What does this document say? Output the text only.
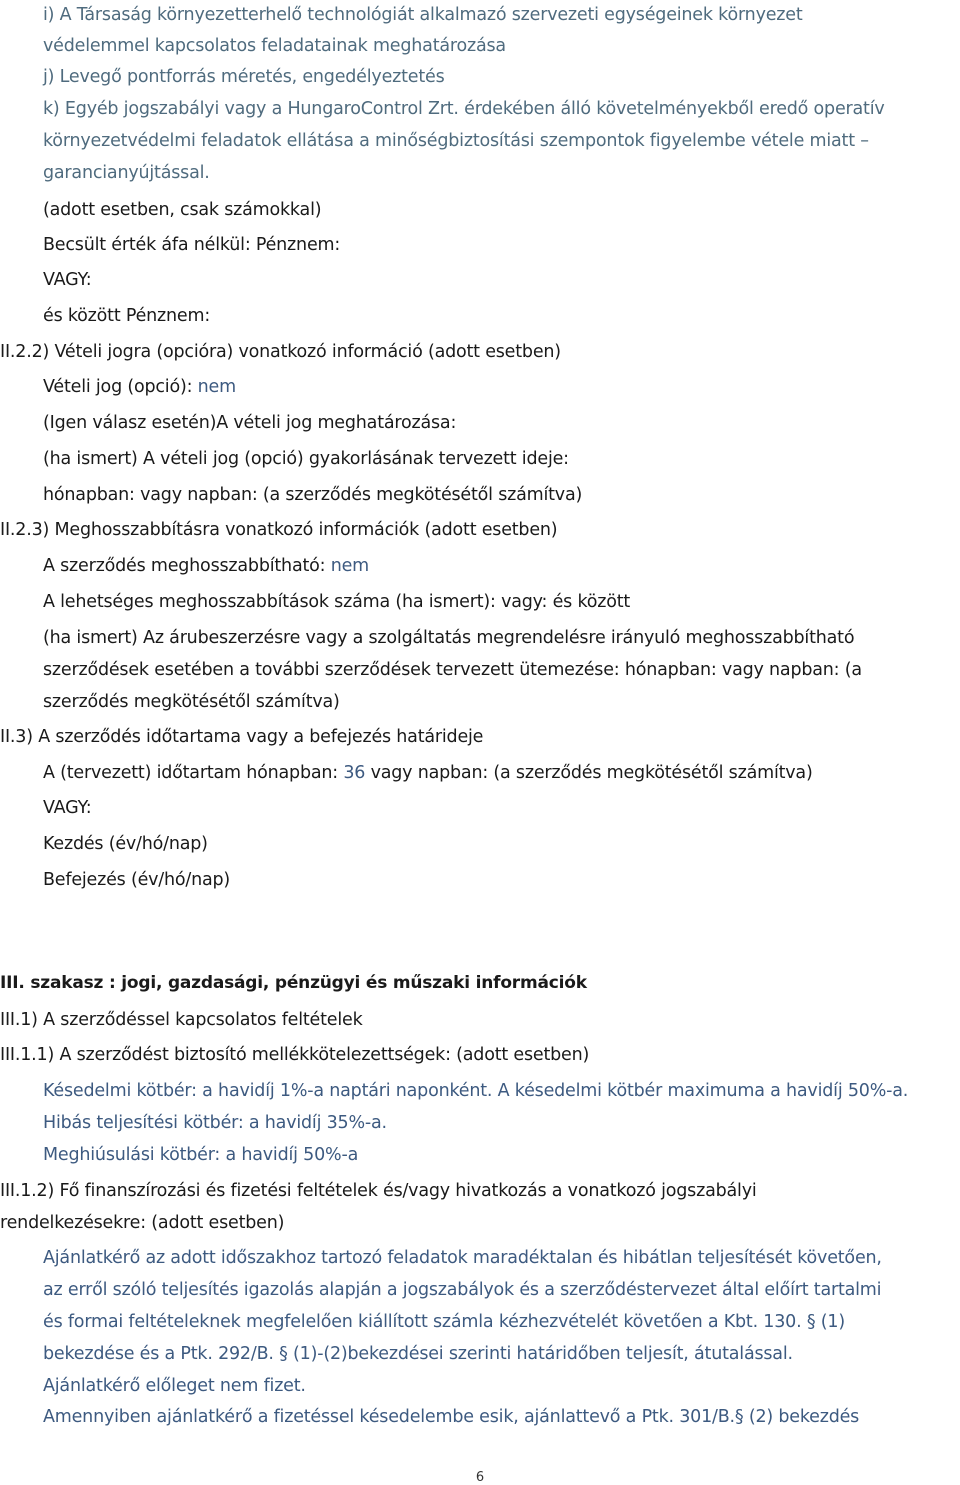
i) A Társaság környezetterhelő technológiát alkalmazó szervezeti egységeinek környezet
védelemmel kapcsolatos feladatainak meghatározása
j) Levegő pontforrás méretés, engedélyeztetés
k) Egyéb jogszabályi vagy a HungaroControl Zrt. érdekében álló követelményekből eredő operatív
környezetvédelmi feladatok ellátása a minőségbiztosítási szempontok figyelembe vétele miatt –
garancianyújtással.
(adott esetben, csak számokkal)
Becsült érték áfa nélkül: Pénznem:
VAGY:
és között Pénznem:
II.2.2) Vételi jogra (opcióra) vonatkozó információ (adott esetben)
Vételi jog (opció): nem
(Igen válasz esetén)A vételi jog meghatározása:
(ha ismert) A vételi jog (opció) gyakorlásának tervezett ideje:
hónapban: vagy napban: (a szerződés megkötésétől számítva)
II.2.3) Meghosszabbításra vonatkozó információk (adott esetben)
A szerződés meghosszabbítható: nem
A lehetséges meghosszabbítások száma (ha ismert): vagy: és között
(ha ismert) Az árubeszerzésre vagy a szolgáltatás megrendelésre irányuló meghosszabbítható
szerződések esetében a további szerződések tervezett ütemezése: hónapban: vagy napban: (a
szerződés megkötésétől számítva)
II.3) A szerződés időtartama vagy a befejezés határideje
A (tervezett) időtartam hónapban: 36 vagy napban: (a szerződés megkötésétől számítva)
VAGY:
Kezdés (év/hó/nap)
Befejezés (év/hó/nap)
III. szakasz : jogi, gazdasági, pénzügyi és műszaki információk
III.1) A szerződéssel kapcsolatos feltételek
III.1.1) A szerződést biztosító mellékkötelezettségek: (adott esetben)
Késedelmi kötbér: a havidíj 1%-a naptári naponként. A késedelmi kötbér maximuma a havidíj 50%-a.
Hibás teljesítési kötbér: a havidíj 35%-a.
Meghiúsulási kötbér: a havidíj 50%-a
III.1.2) Fő finanszírozási és fizetési feltételek és/vagy hivatkozás a vonatkozó jogszabályi
rendelkezésekre: (adott esetben)
Ajánlatkérő az adott időszakhoz tartozó feladatok maradéktalan és hibátlan teljesítését követően,
az erről szóló teljesítés igazolás alapján a jogszabályok és a szerződéstervezet által előírt tartalmi
és formai feltételeknek megfelelően kiállított számla kézhezvételét követően a Kbt. 130. § (1)
bekezdése és a Ptk. 292/B. § (1)-(2)bekezdései szerinti határidőben teljesít, átutalással.
Ajánlatkérő előleget nem fizet.
Amennyiben ajánlatkérő a fizetéssel késedelembe esik, ajánlattevő a Ptk. 301/B.§ (2) bekezdés
6
